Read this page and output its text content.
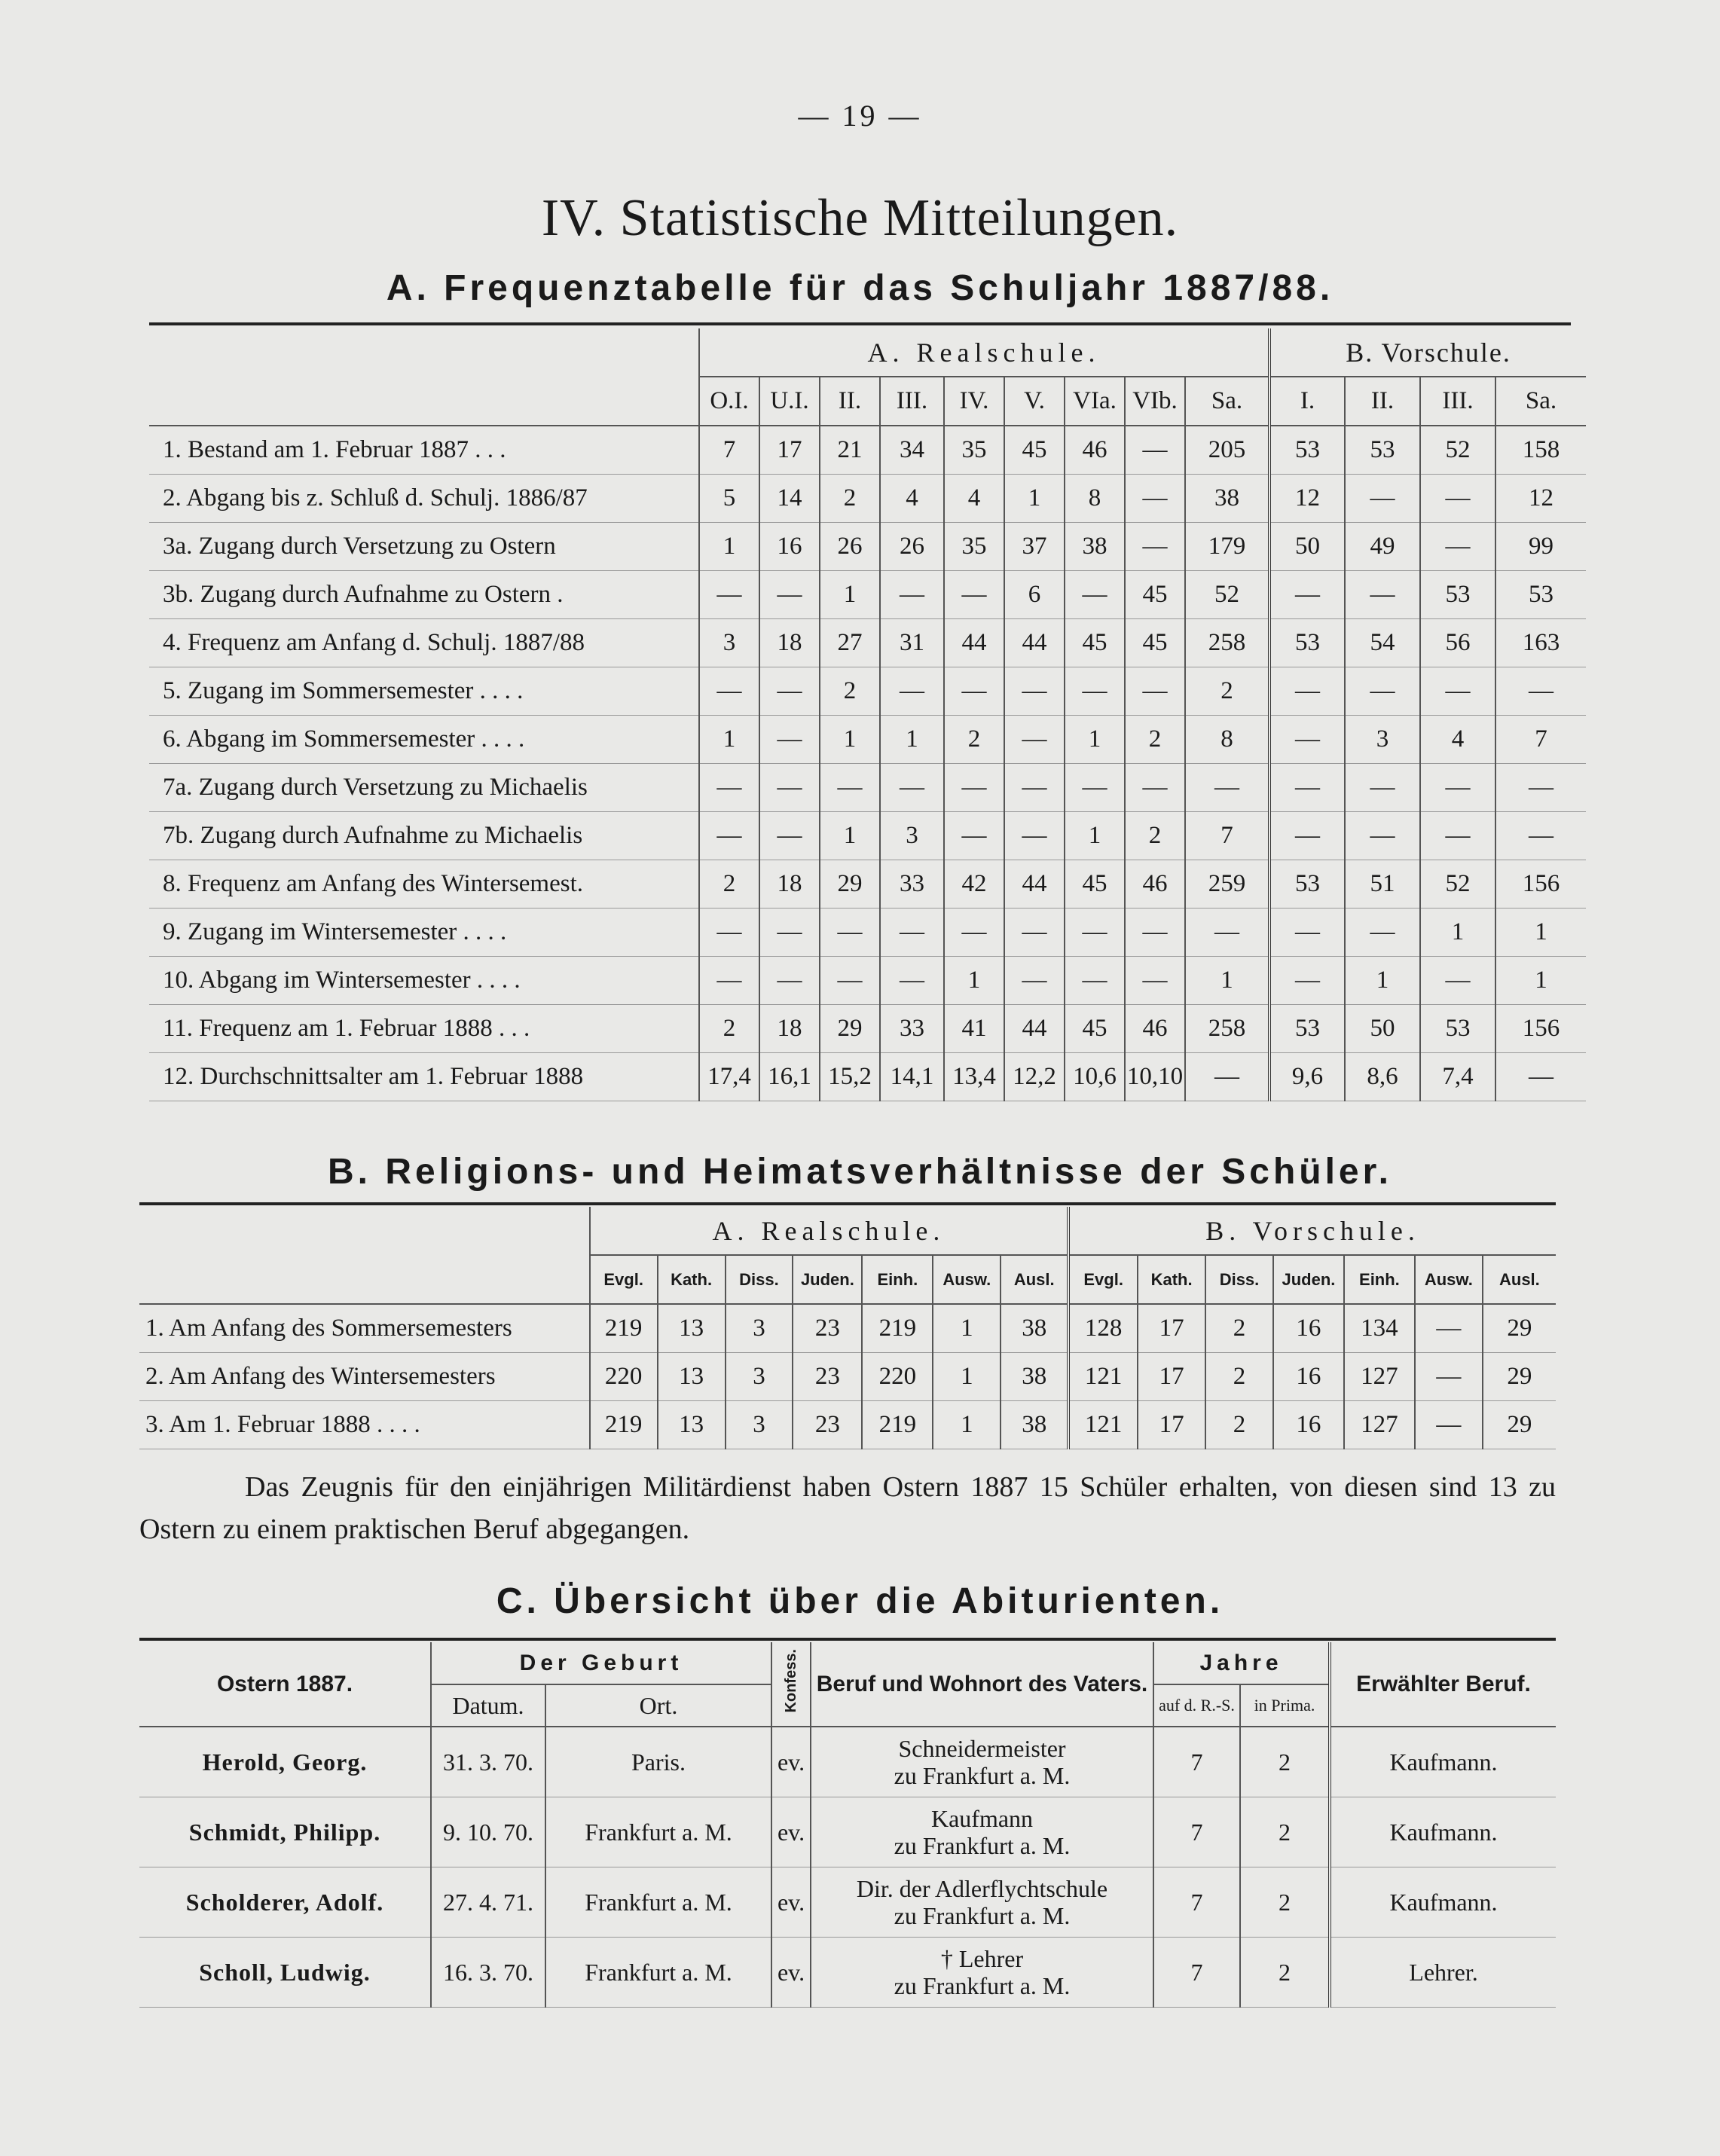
— 19 —
IV. Statistische Mitteilungen.
A. Frequenztabelle für das Schuljahr 1887/88.
	A. Realschule.									B. Vorschule.			
	O.I.	U.I.	II.	III.	IV.	V.	VIa.	VIb.	Sa.	I.	II.	III.	Sa.
1. Bestand am 1. Februar 1887 . . .	7	17	21	34	35	45	46	—	205	53	53	52	158
2. Abgang bis z. Schluß d. Schulj. 1886/87	5	14	2	4	4	1	8	—	38	12	—	—	12
3a. Zugang durch Versetzung zu Ostern	1	16	26	26	35	37	38	—	179	50	49	—	99
3b. Zugang durch Aufnahme zu Ostern .	—	—	1	—	—	6	—	45	52	—	—	53	53
4. Frequenz am Anfang d. Schulj. 1887/88	3	18	27	31	44	44	45	45	258	53	54	56	163
5. Zugang im Sommersemester . . . .	—	—	2	—	—	—	—	—	2	—	—	—	—
6. Abgang im Sommersemester . . . .	1	—	1	1	2	—	1	2	8	—	3	4	7
7a. Zugang durch Versetzung zu Michaelis	—	—	—	—	—	—	—	—	—	—	—	—	—
7b. Zugang durch Aufnahme zu Michaelis	—	—	1	3	—	—	1	2	7	—	—	—	—
8. Frequenz am Anfang des Wintersemest.	2	18	29	33	42	44	45	46	259	53	51	52	156
9. Zugang im Wintersemester . . . .	—	—	—	—	—	—	—	—	—	—	—	1	1
10. Abgang im Wintersemester . . . .	—	—	—	—	1	—	—	—	1	—	1	—	1
11. Frequenz am 1. Februar 1888 . . .	2	18	29	33	41	44	45	46	258	53	50	53	156
12. Durchschnittsalter am 1. Februar 1888	17,4	16,1	15,2	14,1	13,4	12,2	10,6	10,10	—	9,6	8,6	7,4	—
B. Religions- und Heimatsverhältnisse der Schüler.
	A. Realschule.							B. Vorschule.						
	Evgl.	Kath.	Diss.	Juden.	Einh.	Ausw.	Ausl.	Evgl.	Kath.	Diss.	Juden.	Einh.	Ausw.	Ausl.
1. Am Anfang des Sommersemesters	219	13	3	23	219	1	38	128	17	2	16	134	—	29
2. Am Anfang des Wintersemesters	220	13	3	23	220	1	38	121	17	2	16	127	—	29
3. Am 1. Februar 1888 . . . .	219	13	3	23	219	1	38	121	17	2	16	127	—	29
Das Zeugnis für den einjährigen Militärdienst haben Ostern 1887 15 Schüler erhalten, von diesen sind 13 zu Ostern zu einem praktischen Beruf abgegangen.
C. Übersicht über die Abiturienten.
Ostern 1887.	Der Geburt		Konfess.	Beruf und Wohnort des Vaters.	Jahre		Erwählter Beruf.
	Datum.	Ort.			auf d. R.-S.	in Prima.	
Herold, Georg.	31. 3. 70.	Paris.	ev.	Schneidermeister
zu Frankfurt a. M.	7	2	Kaufmann.
Schmidt, Philipp.	9. 10. 70.	Frankfurt a. M.	ev.	Kaufmann
zu Frankfurt a. M.	7	2	Kaufmann.
Scholderer, Adolf.	27. 4. 71.	Frankfurt a. M.	ev.	Dir. der Adlerflychtschule
zu Frankfurt a. M.	7	2	Kaufmann.
Scholl, Ludwig.	16. 3. 70.	Frankfurt a. M.	ev.	† Lehrer
zu Frankfurt a. M.	7	2	Lehrer.
